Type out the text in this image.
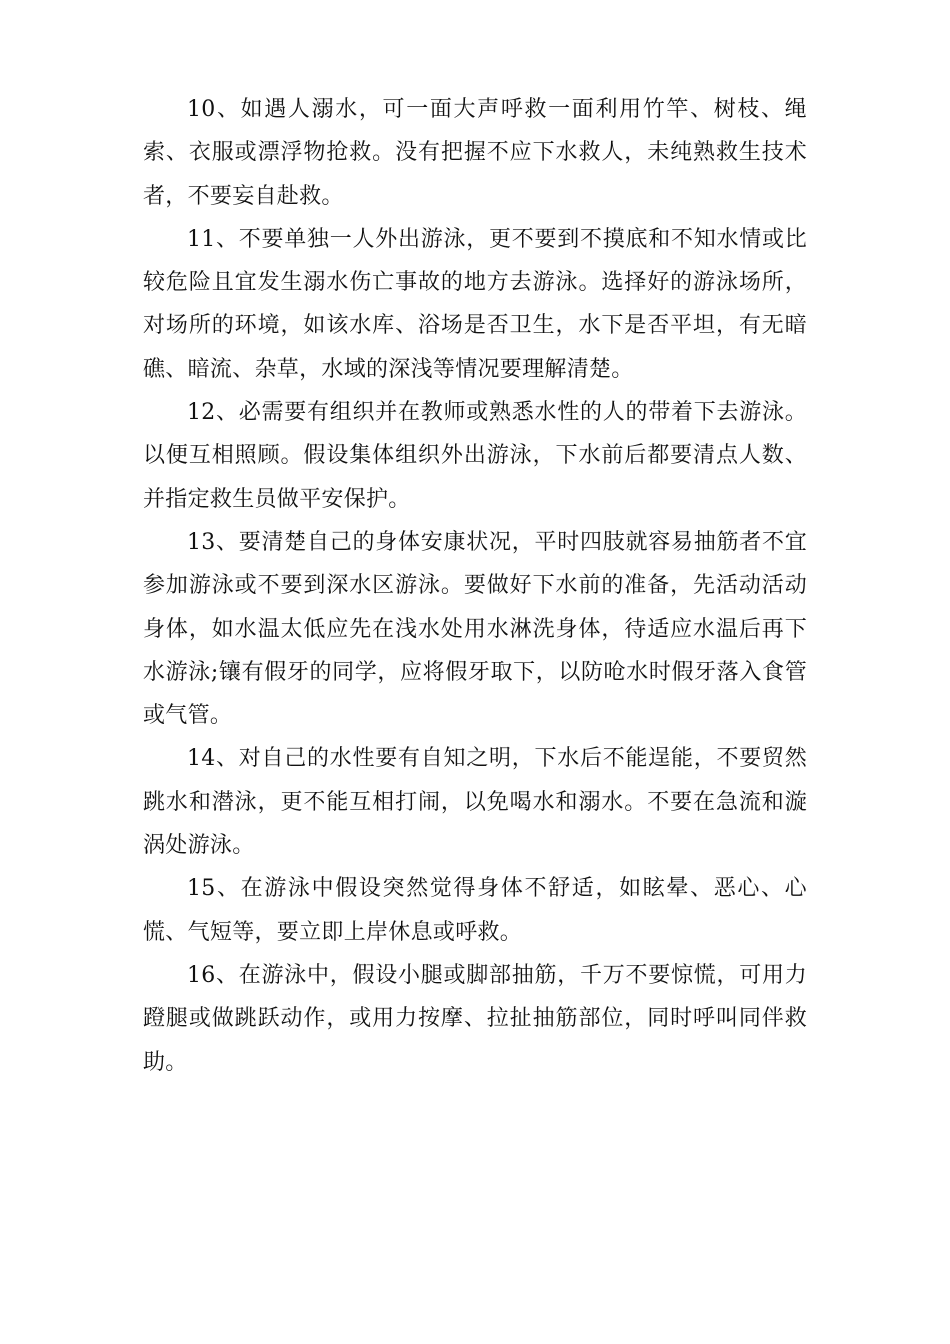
10、如遇人溺水，可一面大声呼救一面利用竹竿、树枝、绳索、衣服或漂浮物抢救。没有把握不应下水救人，未纯熟救生技术者，不要妄自赴救。

11、不要单独一人外出游泳，更不要到不摸底和不知水情或比较危险且宜发生溺水伤亡事故的地方去游泳。选择好的游泳场所，对场所的环境，如该水库、浴场是否卫生，水下是否平坦，有无暗礁、暗流、杂草，水域的深浅等情况要理解清楚。

12、必需要有组织并在教师或熟悉水性的人的带着下去游泳。以便互相照顾。假设集体组织外出游泳，下水前后都要清点人数、并指定救生员做平安保护。

13、要清楚自己的身体安康状况，平时四肢就容易抽筋者不宜参加游泳或不要到深水区游泳。要做好下水前的准备，先活动活动身体，如水温太低应先在浅水处用水淋洗身体，待适应水温后再下水游泳;镶有假牙的同学，应将假牙取下，以防呛水时假牙落入食管或气管。

14、对自己的水性要有自知之明，下水后不能逞能，不要贸然跳水和潜泳，更不能互相打闹，以免喝水和溺水。不要在急流和漩涡处游泳。

15、在游泳中假设突然觉得身体不舒适，如眩晕、恶心、心慌、气短等，要立即上岸休息或呼救。

16、在游泳中，假设小腿或脚部抽筋，千万不要惊慌，可用力蹬腿或做跳跃动作，或用力按摩、拉扯抽筋部位，同时呼叫同伴救助。
